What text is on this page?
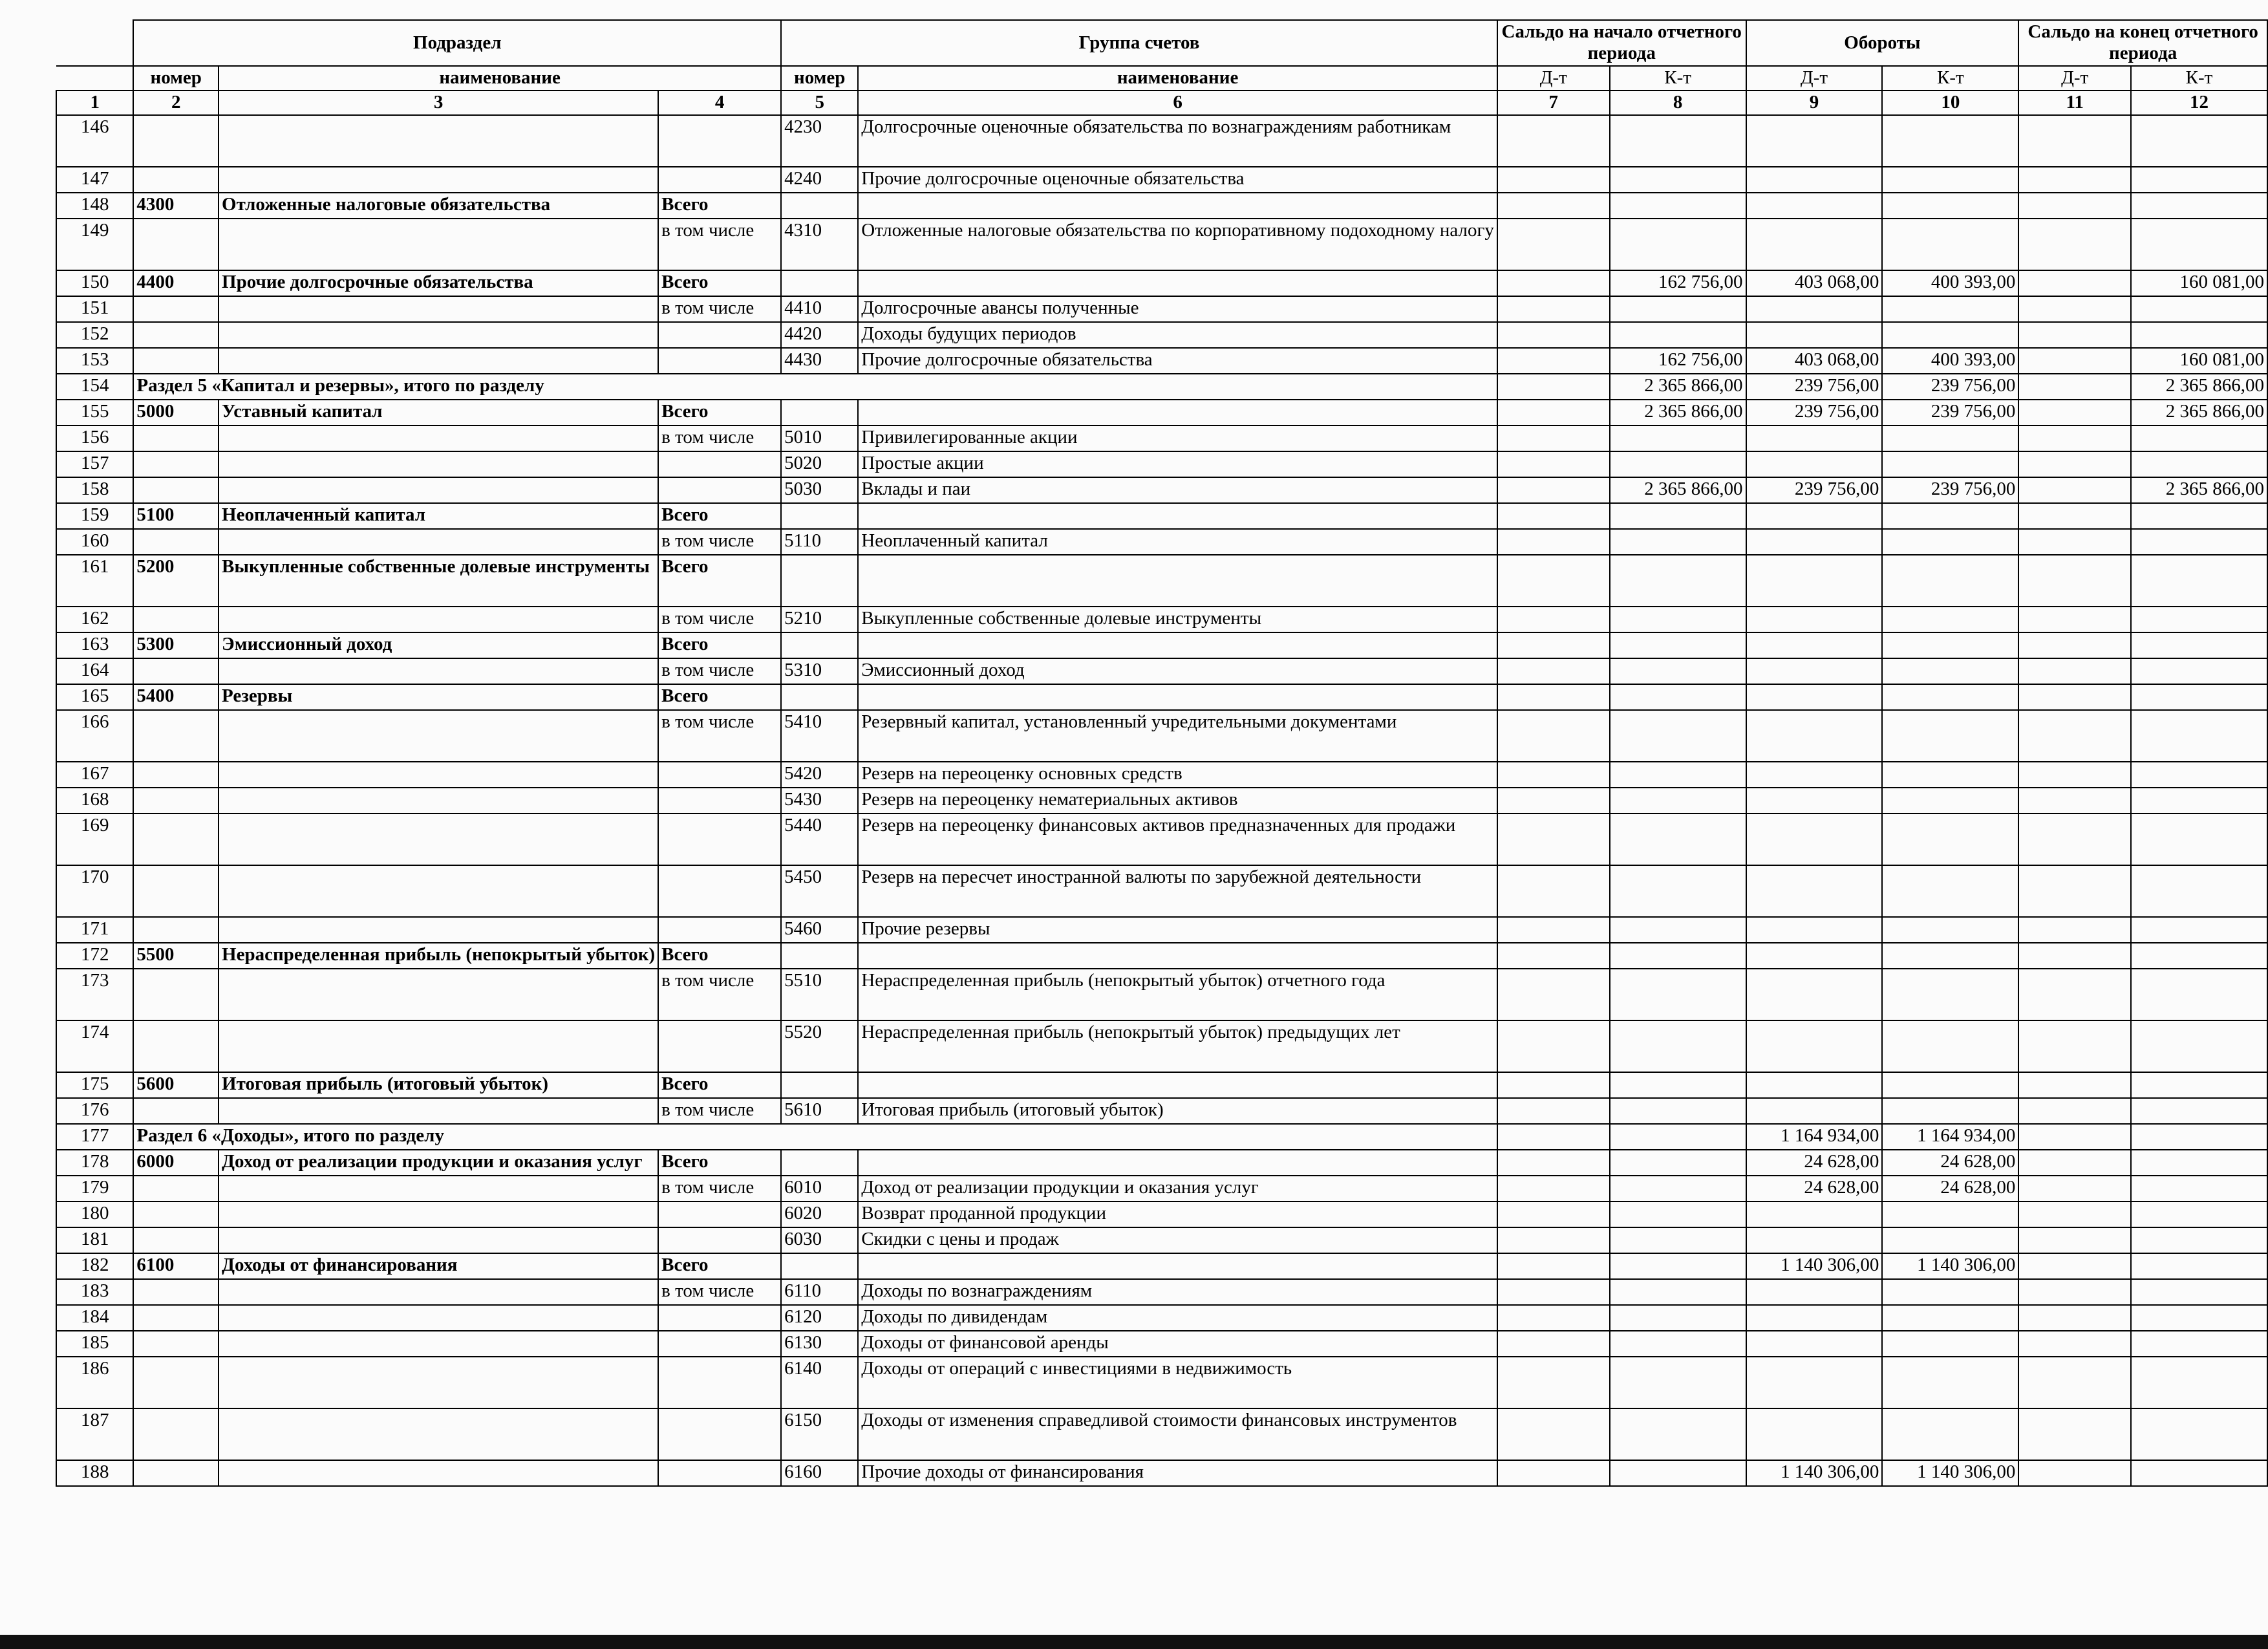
	Подраздел			Группа счетов		Сальдо на начало отчетного периода		Обороты		Сальдо на конец отчетного периода	

	номер	наименование		номер	наименование	Д-т	К-т	Д-т	К-т	Д-т	К-т
1	2	3	4	5	6	7	8	9	10	11	12
146				4230	Долгосрочные оценочные обязательства по вознаграждениям работникам						
147				4240	Прочие долгосрочные оценочные обязательства						
148	4300	Отложенные налоговые обязательства	Всего								
149			в том числе	4310	Отложенные налоговые обязательства по корпоративному подоходному налогу						
150	4400	Прочие долгосрочные обязательства	Всего				162 756,00	403 068,00	400 393,00		160 081,00
151			в том числе	4410	Долгосрочные авансы полученные						
152				4420	Доходы будущих периодов						
153				4430	Прочие долгосрочные обязательства		162 756,00	403 068,00	400 393,00		160 081,00
154	Раздел 5 «Капитал и резервы», итого по разделу						2 365 866,00	239 756,00	239 756,00		2 365 866,00
155	5000	Уставный капитал	Всего				2 365 866,00	239 756,00	239 756,00		2 365 866,00
156			в том числе	5010	Привилегированные акции						
157				5020	Простые акции						
158				5030	Вклады и паи		2 365 866,00	239 756,00	239 756,00		2 365 866,00
159	5100	Неоплаченный капитал	Всего								
160			в том числе	5110	Неоплаченный капитал						
161	5200	Выкупленные собственные долевые инструменты	Всего								
162			в том числе	5210	Выкупленные собственные долевые инструменты						
163	5300	Эмиссионный доход	Всего								
164			в том числе	5310	Эмиссионный доход						
165	5400	Резервы	Всего								
166			в том числе	5410	Резервный капитал, установленный учредительными документами						
167				5420	Резерв на переоценку основных средств						
168				5430	Резерв на переоценку нематериальных активов						
169				5440	Резерв на переоценку финансовых активов предназначенных для продажи						
170				5450	Резерв на пересчет иностранной валюты по зарубежной деятельности						
171				5460	Прочие резервы						
172	5500	Нераспределенная прибыль (непокрытый убыток)	Всего								
173			в том числе	5510	Нераспределенная прибыль (непокрытый убыток) отчетного года						
174				5520	Нераспределенная прибыль (непокрытый убыток) предыдущих лет						
175	5600	Итоговая прибыль (итоговый убыток)	Всего								
176			в том числе	5610	Итоговая прибыль (итоговый убыток)						
177	Раздел 6 «Доходы», итого по разделу							1 164 934,00	1 164 934,00		
178	6000	Доход от реализации продукции и оказания услуг	Всего					24 628,00	24 628,00		
179			в том числе	6010	Доход от реализации продукции и оказания услуг			24 628,00	24 628,00		
180				6020	Возврат проданной продукции						
181				6030	Скидки с цены и продаж						
182	6100	Доходы от финансирования	Всего					1 140 306,00	1 140 306,00		
183			в том числе	6110	Доходы по вознаграждениям						
184				6120	Доходы по дивидендам						
185				6130	Доходы от финансовой аренды						
186				6140	Доходы от операций с инвестициями в недвижимость						
187				6150	Доходы от изменения справедливой стоимости финансовых инструментов						
188				6160	Прочие доходы от финансирования			1 140 306,00	1 140 306,00		
